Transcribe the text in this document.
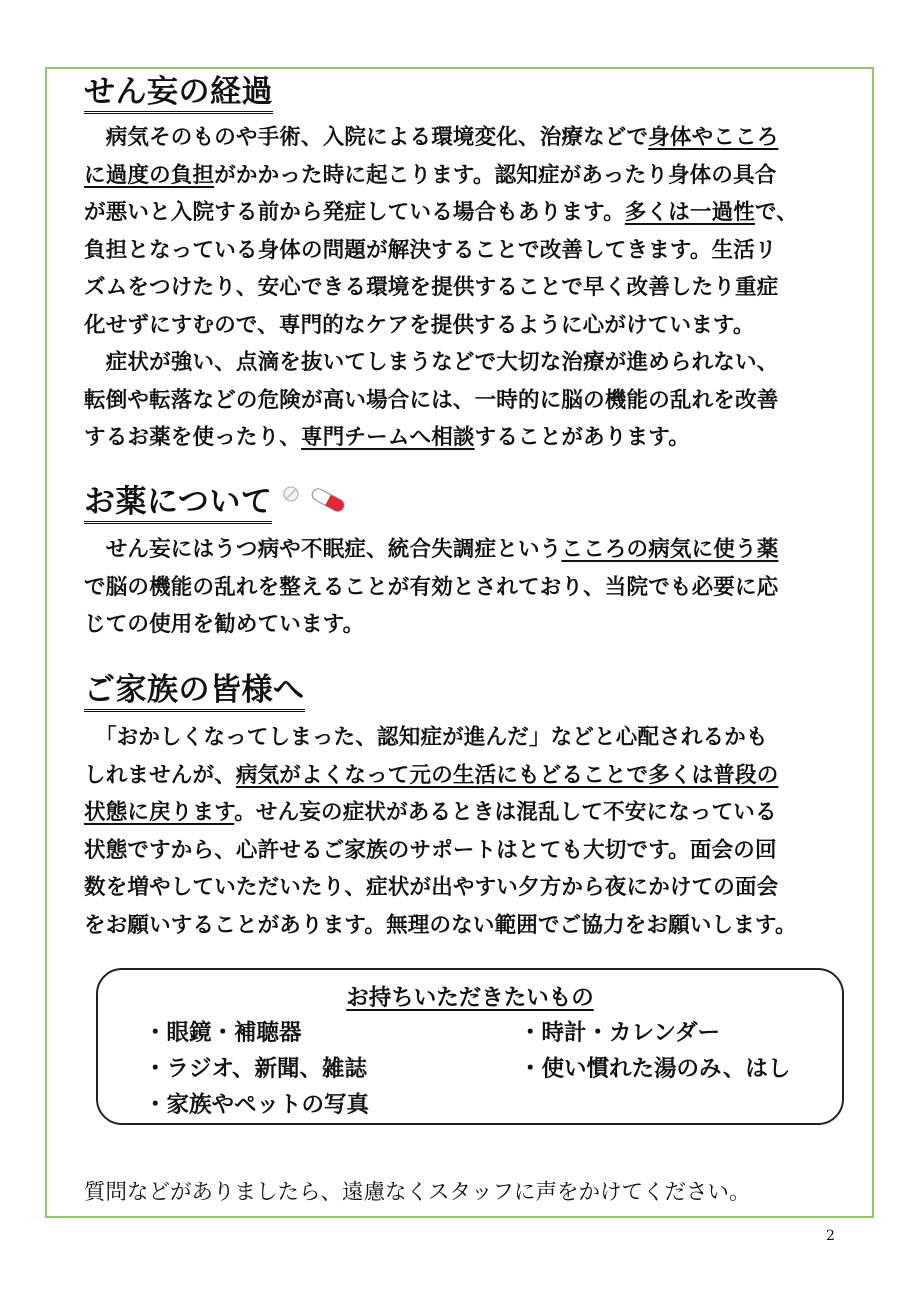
せん妄の経過

　病気そのものや手術、入院による環境変化、治療などで身体やこころ
に過度の負担がかかった時に起こります。認知症があったり身体の具合
が悪いと入院する前から発症している場合もあります。多くは一過性で、
負担となっている身体の問題が解決することで改善してきます。生活リ
ズムをつけたり、安心できる環境を提供することで早く改善したり重症
化せずにすむので、専門的なケアを提供するように心がけています。

　症状が強い、点滴を抜いてしまうなどで大切な治療が進められない、
転倒や転落などの危険が高い場合には、一時的に脳の機能の乱れを改善
するお薬を使ったり、専門チームへ相談することがあります。

お薬について

　せん妄にはうつ病や不眠症、統合失調症というこころの病気に使う薬
で脳の機能の乱れを整えることが有効とされており、当院でも必要に応
じての使用を勧めています。

ご家族の皆様へ

　「おかしくなってしまった、認知症が進んだ」などと心配されるかも
しれませんが、病気がよくなって元の生活にもどることで多くは普段の
状態に戻ります。せん妄の症状があるときは混乱して不安になっている
状態ですから、心許せるご家族のサポートはとても大切です。面会の回
数を増やしていただいたり、症状が出やすい夕方から夜にかけての面会
をお願いすることがあります。無理のない範囲でご協力をお願いします。

お持ちいただきたいもの
・眼鏡・補聴器
・ラジオ、新聞、雑誌
・家族やペットの写真
・時計・カレンダー
・使い慣れた湯のみ、はし

質問などがありましたら、遠慮なくスタッフに声をかけてください。

2
